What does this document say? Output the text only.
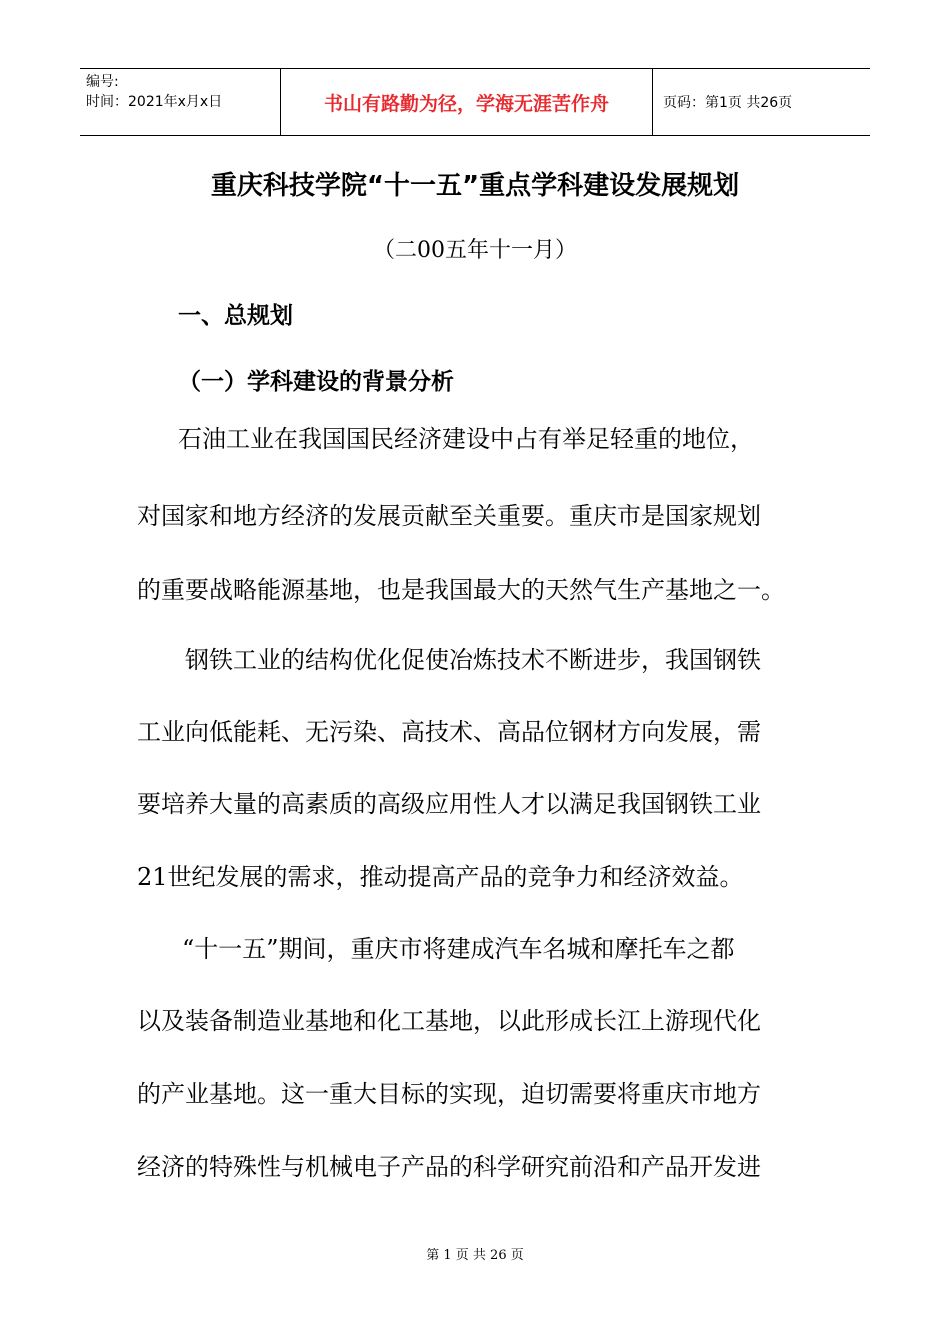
编号:
时间：2021年x月x日	书山有路勤为径，学海无涯苦作舟	页码：第1页 共26页
重庆科技学院“十一五”重点学科建设发展规划
（二00五年十一月）
一、总规划
（一）学科建设的背景分析
石油工业在我国国民经济建设中占有举足轻重的地位，
对国家和地方经济的发展贡献至关重要。重庆市是国家规划
的重要战略能源基地，也是我国最大的天然气生产基地之一。
钢铁工业的结构优化促使冶炼技术不断进步，我国钢铁
工业向低能耗、无污染、高技术、高品位钢材方向发展，需
要培养大量的高素质的高级应用性人才以满足我国钢铁工业
21世纪发展的需求，推动提高产品的竞争力和经济效益。
“十一五”期间，重庆市将建成汽车名城和摩托车之都
以及装备制造业基地和化工基地，以此形成长江上游现代化
的产业基地。这一重大目标的实现，迫切需要将重庆市地方
经济的特殊性与机械电子产品的科学研究前沿和产品开发进
第 1 页 共 26 页
